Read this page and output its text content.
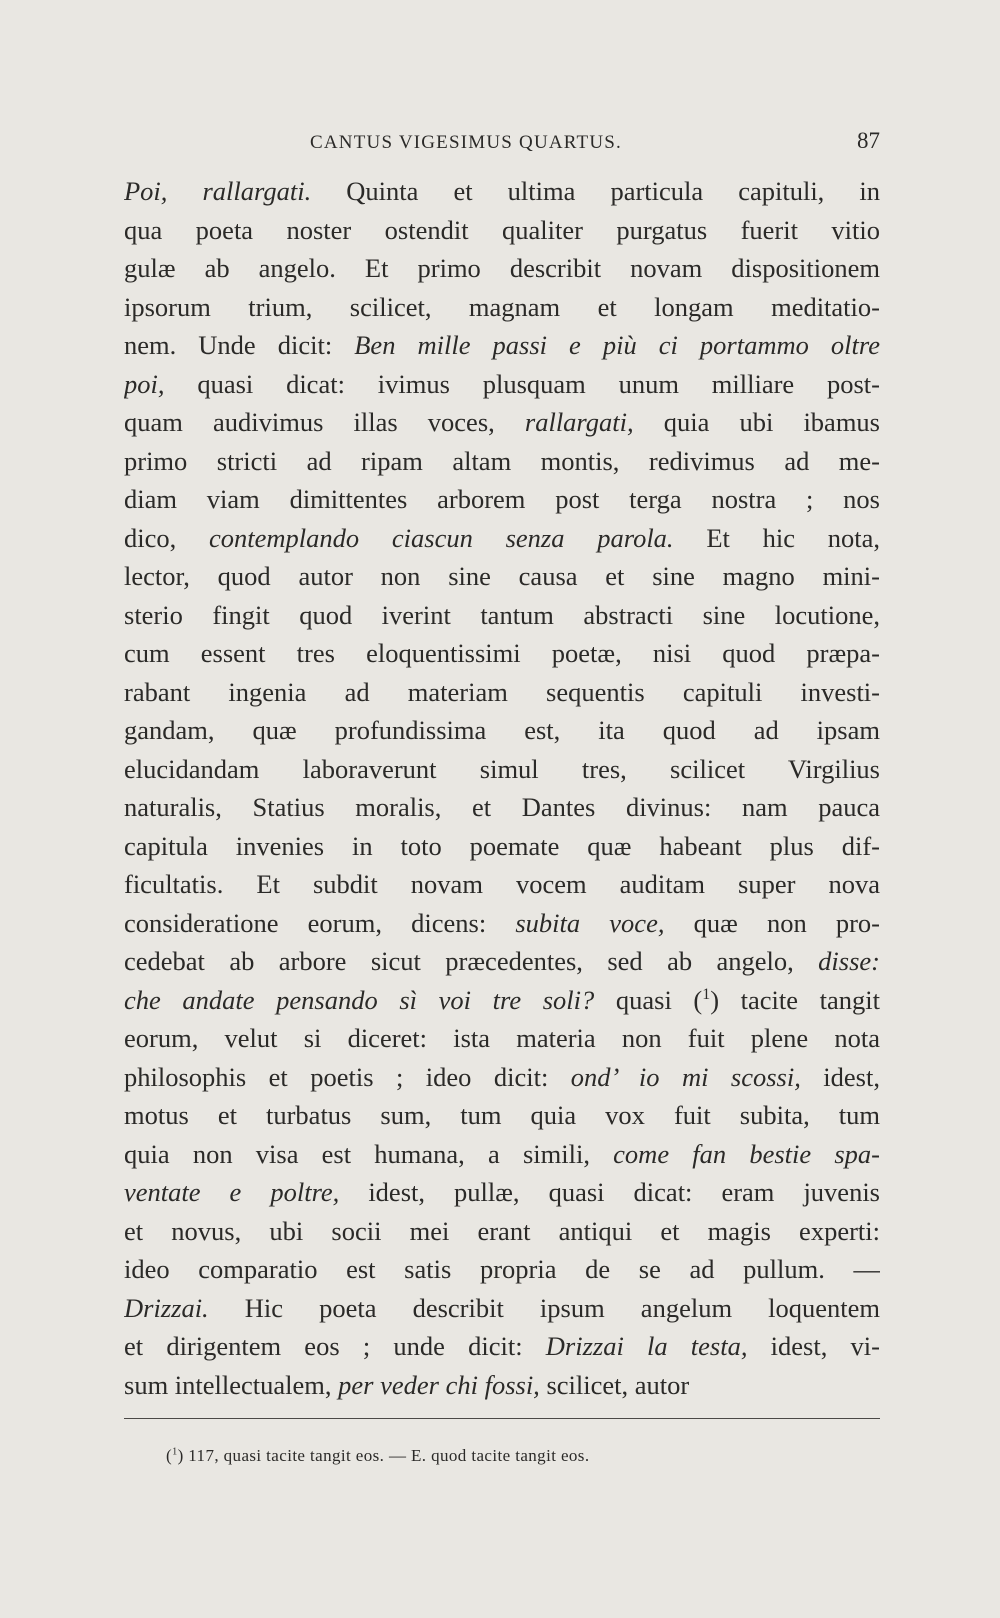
CANTUS VIGESIMUS QUARTUS.	87
Poi, rallargati. Quinta et ultima particula capituli, in
qua poeta noster ostendit qualiter purgatus fuerit vitio
gulæ ab angelo. Et primo describit novam dispositionem
ipsorum trium, scilicet, magnam et longam meditatio-
nem. Unde dicit: Ben mille passi e più ci portammo oltre
poi, quasi dicat: ivimus plusquam unum milliare post-
quam audivimus illas voces, rallargati, quia ubi ibamus
primo stricti ad ripam altam montis, redivimus ad me-
diam viam dimittentes arborem post terga nostra ; nos
dico, contemplando ciascun senza parola. Et hic nota,
lector, quod autor non sine causa et sine magno mini-
sterio fingit quod iverint tantum abstracti sine locutione,
cum essent tres eloquentissimi poetæ, nisi quod præpa-
rabant ingenia ad materiam sequentis capituli investi-
gandam, quæ profundissima est, ita quod ad ipsam
elucidandam laboraverunt simul tres, scilicet Virgilius
naturalis, Statius moralis, et Dantes divinus: nam pauca
capitula invenies in toto poemate quæ habeant plus dif-
ficultatis. Et subdit novam vocem auditam super nova
consideratione eorum, dicens: subita voce, quæ non pro-
cedebat ab arbore sicut præcedentes, sed ab angelo, disse:
che andate pensando sì voi tre soli? quasi ($^1$) tacite tangit
eorum, velut si diceret: ista materia non fuit plene nota
philosophis et poetis ; ideo dicit: ond’ io mi scossi, idest,
motus et turbatus sum, tum quia vox fuit subita, tum
quia non visa est humana, a simili, come fan bestie spa-
ventate e poltre, idest, pullæ, quasi dicat: eram juvenis
et novus, ubi socii mei erant antiqui et magis experti:
ideo comparatio est satis propria de se ad pullum. —
Drizzai. Hic poeta describit ipsum angelum loquentem
et dirigentem eos ; unde dicit: Drizzai la testa, idest, vi-
sum intellectualem, per veder chi fossi, scilicet, autor
($^1$) 117, quasi tacite tangit eos. — E. quod tacite tangit eos.
